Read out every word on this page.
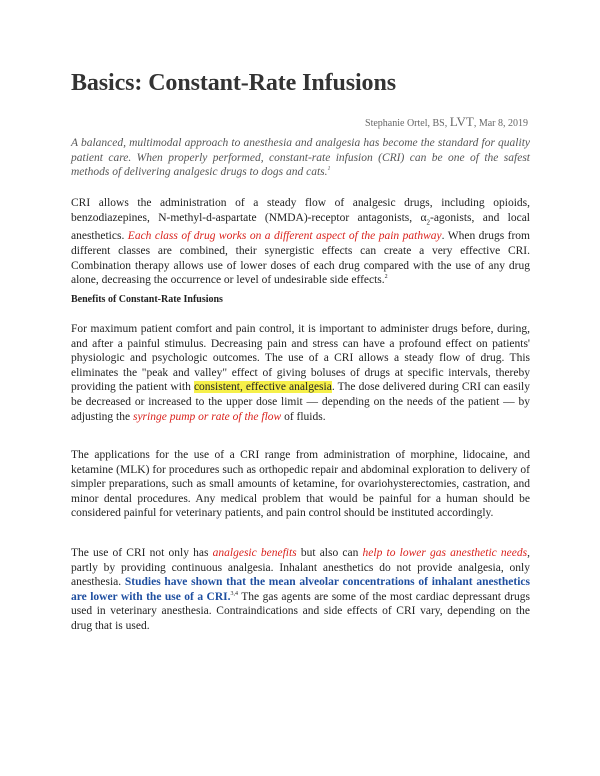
Basics: Constant-Rate Infusions
Stephanie Ortel, BS, LVT, Mar 8, 2019

A balanced, multimodal approach to anesthesia and analgesia has become the standard for quality patient care. When properly performed, constant-rate infusion (CRI) can be one of the safest methods of delivering analgesic drugs to dogs and cats.$^1$

CRI allows the administration of a steady flow of analgesic drugs, including opioids, benzodiazepines, N-methyl-d-aspartate (NMDA)-receptor antagonists, $\alpha_2$-agonists, and local anesthetics. Each class of drug works on a different aspect of the pain pathway. When drugs from different classes are combined, their synergistic effects can create a very effective CRI. Combination therapy allows use of lower doses of each drug compared with the use of any drug alone, decreasing the occurrence or level of undesirable side effects.$^2$

Benefits of Constant-Rate Infusions

For maximum patient comfort and pain control, it is important to administer drugs before, during, and after a painful stimulus. Decreasing pain and stress can have a profound effect on patients' physiologic and psychologic outcomes. The use of a CRI allows a steady flow of drug. This eliminates the "peak and valley" effect of giving boluses of drugs at specific intervals, thereby providing the patient with consistent, effective analgesia. The dose delivered during CRI can easily be decreased or increased to the upper dose limit — depending on the needs of the patient — by adjusting the syringe pump or rate of the flow of fluids.

The applications for the use of a CRI range from administration of morphine, lidocaine, and ketamine (MLK) for procedures such as orthopedic repair and abdominal exploration to delivery of simpler preparations, such as small amounts of ketamine, for ovariohysterectomies, castration, and minor dental procedures. Any medical problem that would be painful for a human should be considered painful for veterinary patients, and pain control should be instituted accordingly.

The use of CRI not only has analgesic benefits but also can help to lower gas anesthetic needs, partly by providing continuous analgesia. Inhalant anesthetics do not provide analgesia, only anesthesia. Studies have shown that the mean alveolar concentrations of inhalant anesthetics are lower with the use of a CRI.$^{3,4}$ The gas agents are some of the most cardiac depressant drugs used in veterinary anesthesia. Contraindications and side effects of CRI vary, depending on the drug that is used.
